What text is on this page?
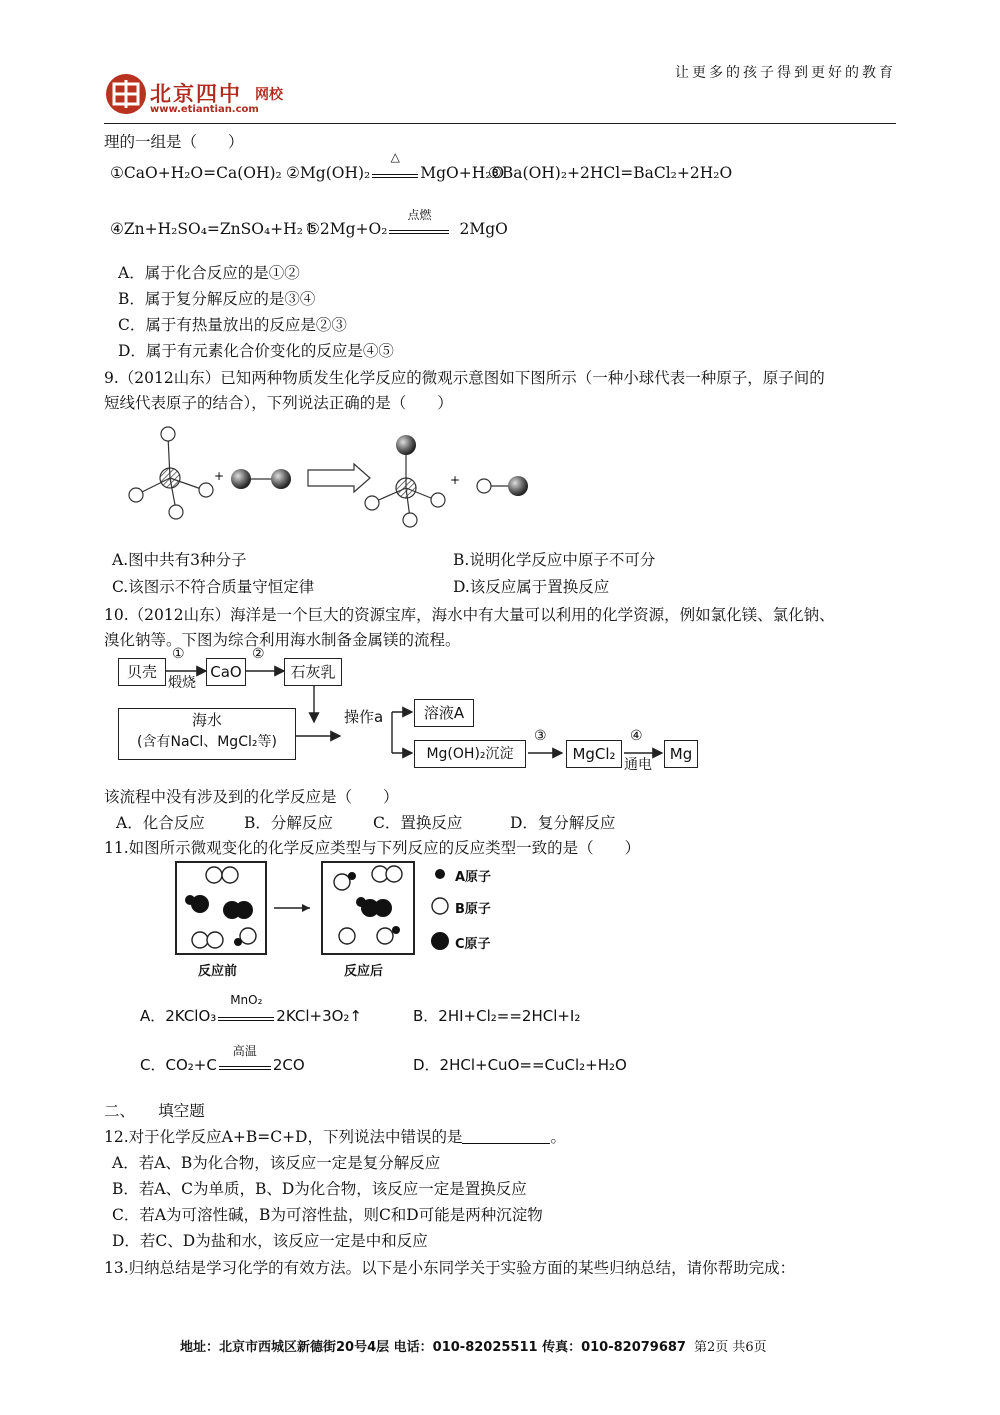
让更多的孩子得到更好的教育
北京四中 网校
www.etiantian.com
理的一组是（　　）
①CaO+H₂O=Ca(OH)₂ ②Mg(OH)₂
△
MgO+H₂O
③Ba(OH)₂+2HCl=BaCl₂+2H₂O
④Zn+H₂SO₄=ZnSO₄+H₂↑
⑤2Mg+O₂
点燃
2MgO
A．属于化合反应的是①②
B．属于复分解反应的是③④
C．属于有热量放出的反应是②③
D．属于有元素化合价变化的反应是④⑤
9.（2012山东）已知两种物质发生化学反应的微观示意图如下图所示（一种小球代表一种原子，原子间的
短线代表原子的结合），下列说法正确的是（　　）
+	+
A.图中共有3种分子	B.说明化学反应中原子不可分
C.该图示不符合质量守恒定律	D.该反应属于置换反应
10.（2012山东）海洋是一个巨大的资源宝库，海水中有大量可以利用的化学资源，例如氯化镁、氯化钠、
溴化钠等。下图为综合利用海水制备金属镁的流程。
贝壳
①
煅烧
CaO
②
石灰乳
海水
(含有NaCl、MgCl₂等)
操作a	溶液A
Mg(OH)₂沉淀
③
MgCl₂
④
通电
Mg
该流程中没有涉及到的化学反应是（　　）
A．化合反应	B．分解反应	C．置换反应	D．复分解反应
11.如图所示微观变化的化学反应类型与下列反应的反应类型一致的是（　　）
A原子
B原子
C原子
反应前	反应后
A．2KClO₃
MnO₂
2KCl+3O₂↑	B．2HI+Cl₂==2HCl+I₂
C．CO₂+C
高温
2CO	D．2HCl+CuO==CuCl₂+H₂O
二、　　填空题
12.对于化学反应A+B=C+D，下列说法中错误的是	。
A．若A、B为化合物，该反应一定是复分解反应
B．若A、C为单质，B、D为化合物，该反应一定是置换反应
C．若A为可溶性碱，B为可溶性盐，则C和D可能是两种沉淀物
D．若C、D为盐和水，该反应一定是中和反应
13.归纳总结是学习化学的有效方法。以下是小东同学关于实验方面的某些归纳总结，请你帮助完成：
地址：北京市西城区新德街20号4层 电话：010-82025511 传真：010-82079687 第2页 共6页
